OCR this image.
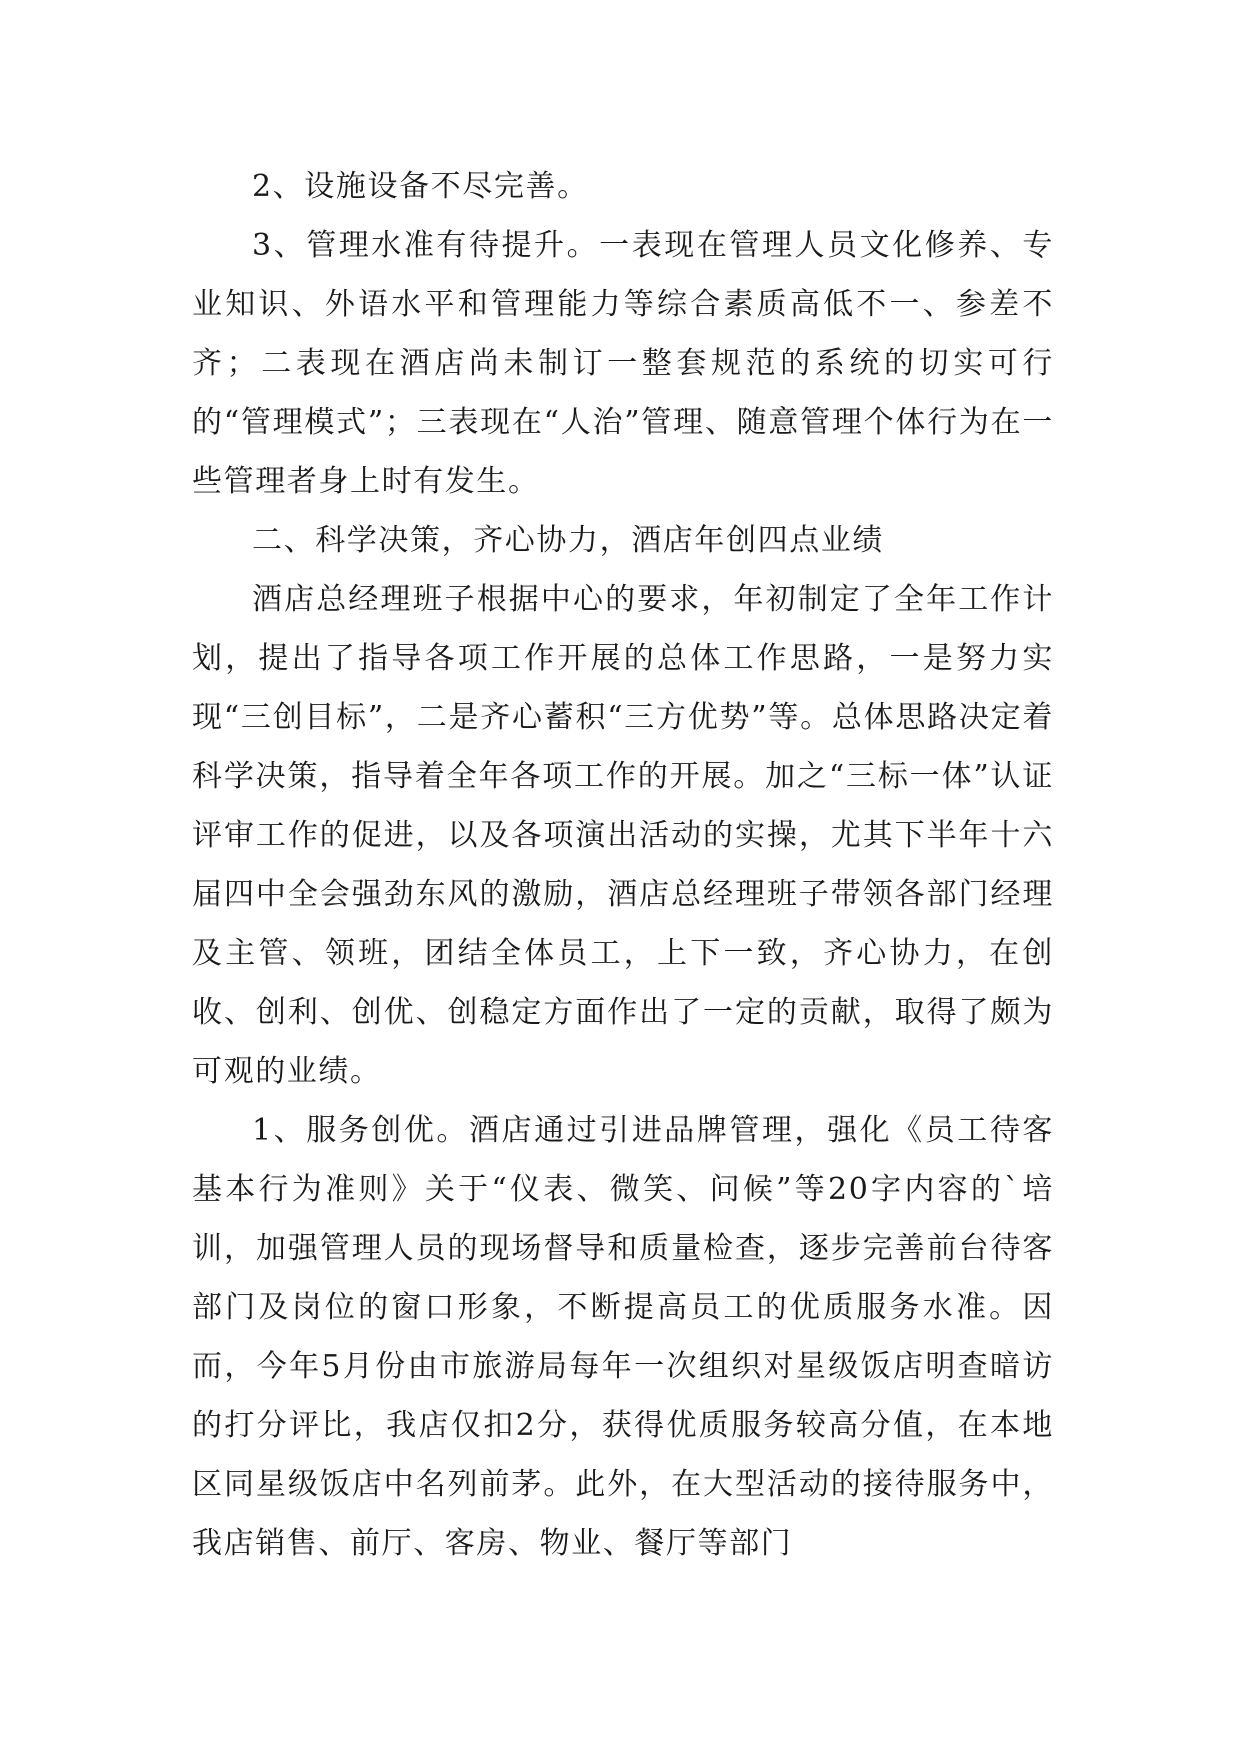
2、设施设备不尽完善。

3、管理水准有待提升。一表现在管理人员文化修养、专业知识、外语水平和管理能力等综合素质高低不一、参差不齐；二表现在酒店尚未制订一整套规范的系统的切实可行的“管理模式”；三表现在“人治”管理、随意管理个体行为在一些管理者身上时有发生。

二、科学决策，齐心协力，酒店年创四点业绩

酒店总经理班子根据中心的要求，年初制定了全年工作计划，提出了指导各项工作开展的总体工作思路，一是努力实现“三创目标”，二是齐心蓄积“三方优势”等。总体思路决定着科学决策，指导着全年各项工作的开展。加之“三标一体”认证评审工作的促进，以及各项演出活动的实操，尤其下半年十六届四中全会强劲东风的激励，酒店总经理班子带领各部门经理及主管、领班，团结全体员工，上下一致，齐心协力，在创收、创利、创优、创稳定方面作出了一定的贡献，取得了颇为可观的业绩。

1、服务创优。酒店通过引进品牌管理，强化《员工待客基本行为准则》关于“仪表、微笑、问候”等20字内容的`培训，加强管理人员的现场督导和质量检查，逐步完善前台待客部门及岗位的窗口形象，不断提高员工的优质服务水准。因而，今年5月份由市旅游局每年一次组织对星级饭店明查暗访的打分评比，我店仅扣2分，获得优质服务较高分值，在本地区同星级饭店中名列前茅。此外，在大型活动的接待服务中，我店销售、前厅、客房、物业、餐厅等部门
